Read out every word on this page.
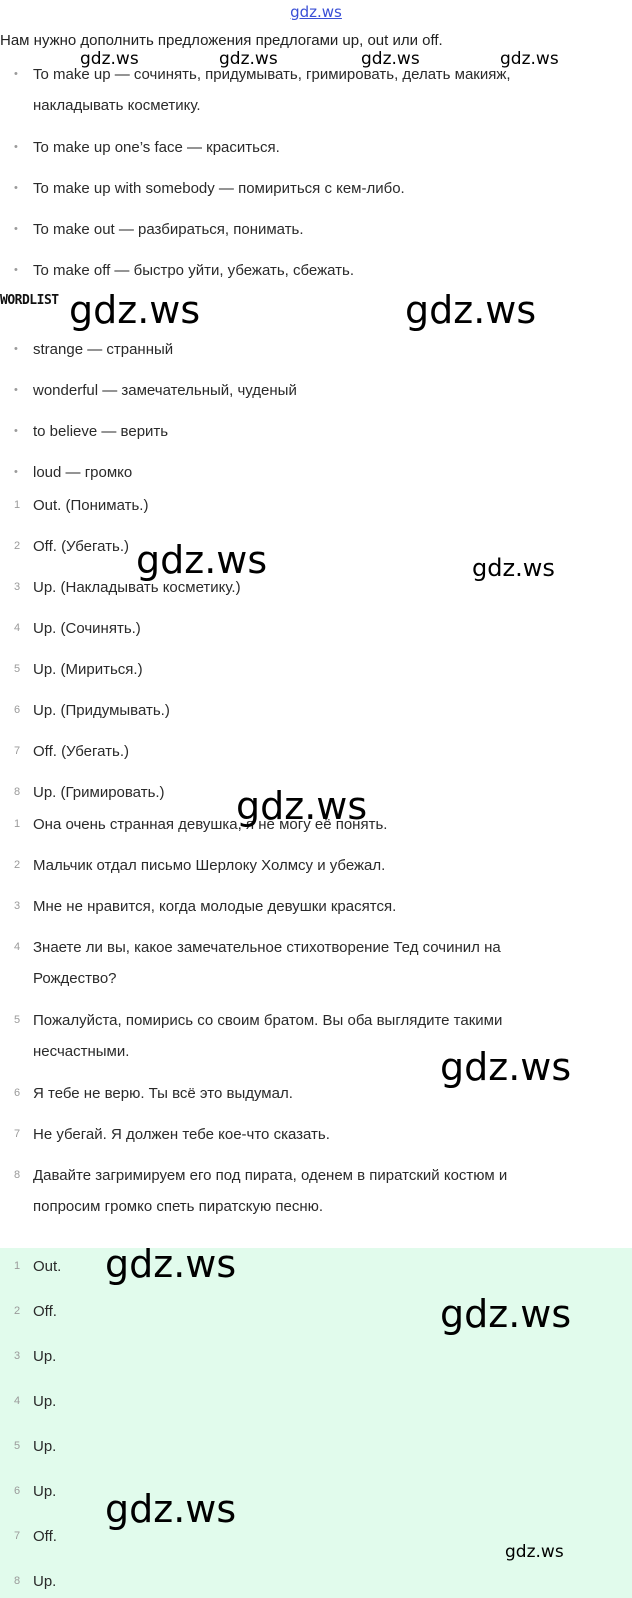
gdz.ws
Нам нужно дополнить предложения предлогами up, out или off.
•	To make up — сочинять, придумывать, гримировать, делать макияж,
накладывать косметику.
•	To make up one’s face — краситься.
•	To make up with somebody — помириться с кем-либо.
•	To make out — разбираться, понимать.
•	To make off — быстро уйти, убежать, сбежать.
WORDLIST
•	strange — странный
•	wonderful — замечательный, чуденый
•	to believe — верить
•	loud — громко
1 Out. (Понимать.)
2 Off. (Убегать.)
3 Up. (Накладывать косметику.)
4 Up. (Сочинять.)
5 Up. (Мириться.)
6 Up. (Придумывать.)
7 Off. (Убегать.)
8 Up. (Гримировать.)
1 Она очень странная девушка, я не могу её понять.
2 Мальчик отдал письмо Шерлоку Холмсу и убежал.
3 Мне не нравится, когда молодые девушки красятся.
4 Знаете ли вы, какое замечательное стихотворение Тед сочинил на
Рождество?
5 Пожалуйста, помирись со своим братом. Вы оба выглядите такими
несчастными.
6 Я тебе не верю. Ты всё это выдумал.
7 Не убегай. Я должен тебе кое-что сказать.
8 Давайте загримируем его под пирата, оденем в пиратский костюм и
попросим громко спеть пиратскую песню.
1 Out.
2 Off.
3 Up.
4 Up.
5 Up.
6 Up.
7 Off.
8 Up.
gdz.ws	gdz.ws	gdz.ws	gdz.ws
gdz.ws	gdz.ws
gdz.ws	gdz.ws
gdz.ws
gdz.ws
gdz.ws
gdz.ws
gdz.ws
gdz.ws
